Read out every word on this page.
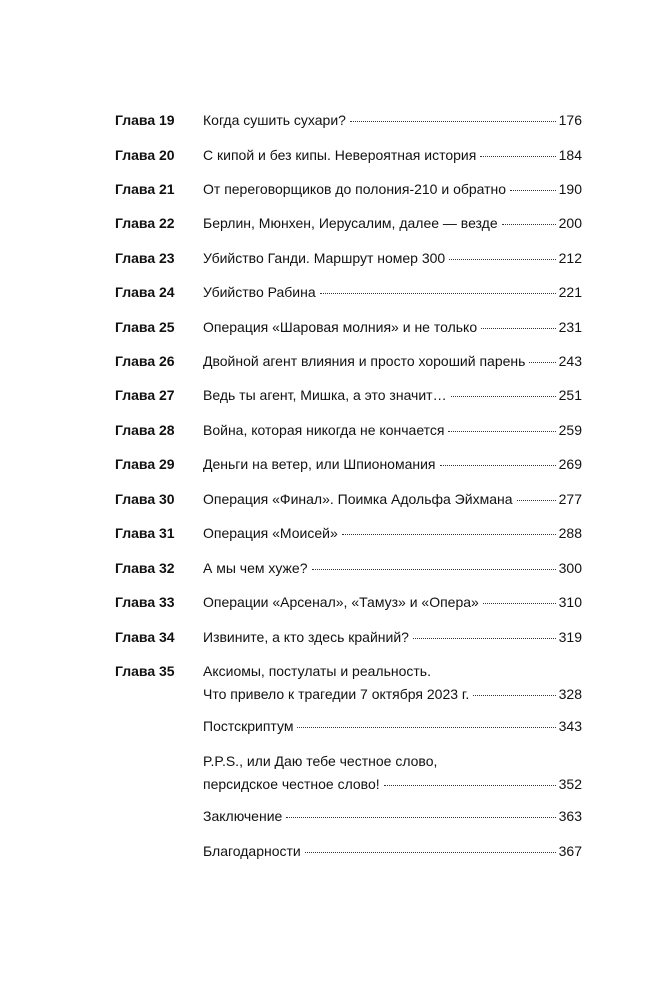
Глава 19 Когда сушить сухари?	176
Глава 20 С кипой и без кипы. Невероятная история	184
Глава 21 От переговорщиков до полония-210 и обратно	190
Глава 22 Берлин, Мюнхен, Иерусалим, далее — везде	200
Глава 23 Убийство Ганди. Маршрут номер 300	212
Глава 24 Убийство Рабина	221
Глава 25 Операция «Шаровая молния» и не только	231
Глава 26 Двойной агент влияния и просто хороший парень 243
Глава 27 Ведь ты агент, Мишка, а это значит…	251
Глава 28 Война, которая никогда не кончается	259
Глава 29 Деньги на ветер, или Шпиономания	269
Глава 30 Операция «Финал». Поимка Адольфа Эйхмана	277
Глава 31 Операция «Моисей»	288
Глава 32 А мы чем хуже?	300
Глава 33 Операции «Арсенал», «Тамуз» и «Опера»	310
Глава 34 Извините, а кто здесь крайний?	319
Глава 35 Аксиомы, постулаты и реальность.
Что привело к трагедии 7 октября 2023 г.	328
Постскриптум	343
P.P.S., или Даю тебе честное слово,
персидское честное слово!	352
Заключение	363
Благодарности	367
